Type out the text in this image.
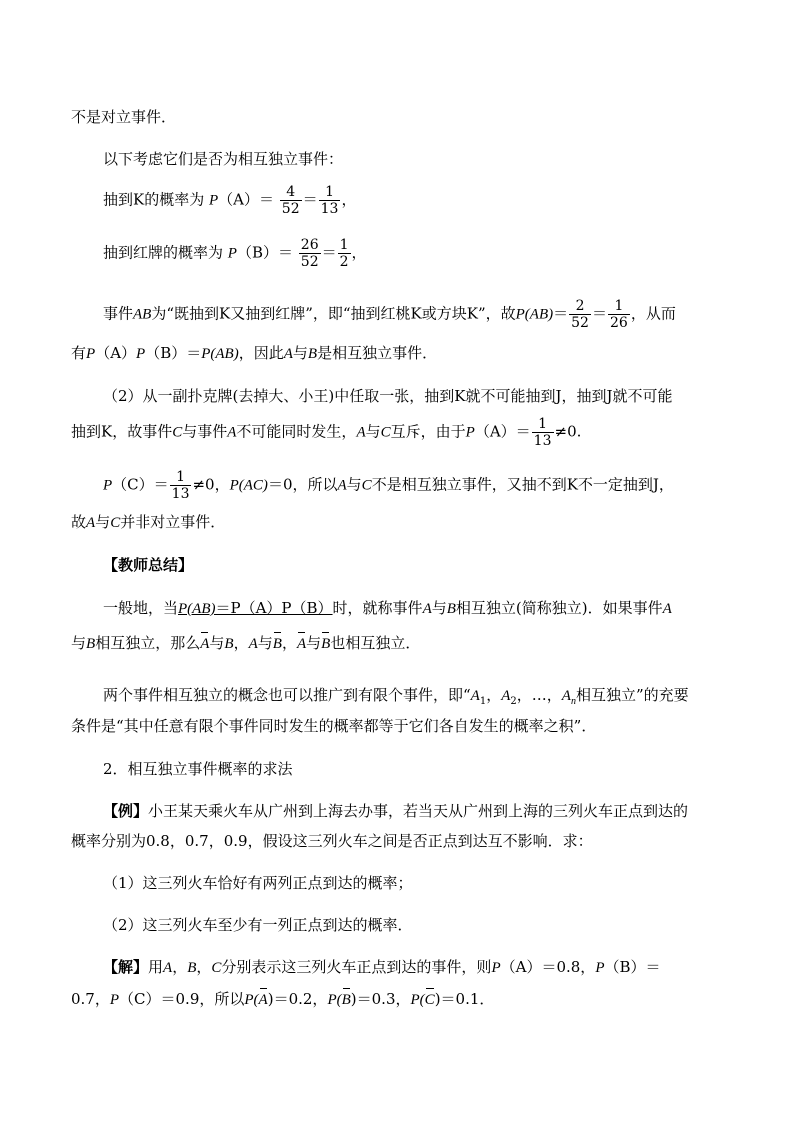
不是对立事件．
以下考虑它们是否为相互独立事件：
抽到K的概率为 $P(A)= \frac{4}{52} = \frac{1}{13}$ ，
抽到红牌的概率为 $P(B)= \frac{26}{52} = \frac{1}{2}$ ，
事件AB为“既抽到K又抽到红牌”，即“抽到红桃K或方块K”，故$P(AB)= \frac{2}{52} = \frac{1}{26}$ ，从而
有P（A）P（B）＝P(AB)，因此A与B是相互独立事件．
（2）从一副扑克牌(去掉大、小王)中任取一张，抽到K就不可能抽到J，抽到J就不可能
抽到K，故事件C与事件A不可能同时发生，A与C互斥，由于$P(A)= \frac{1}{13} \ne 0$.
$P(C)= \frac{1}{13} \ne 0$，P(AC)＝0，所以A与C不是相互独立事件，又抽不到K不一定抽到J，
故A与C并非对立事件．
【教师总结】
一般地，当P(AB)＝P（A）P（B）时，就称事件A与B相互独立(简称独立)．如果事件A
与B相互独立，那么A与B，A与B，A与B也相互独立．
两个事件相互独立的概念也可以推广到有限个事件，即“$A_1$，$A_2$，…，$A_n$相互独立”的充要
条件是“其中任意有限个事件同时发生的概率都等于它们各自发生的概率之积”．
2．相互独立事件概率的求法
【例】小王某天乘火车从广州到上海去办事，若当天从广州到上海的三列火车正点到达的
概率分别为0.8，0.7，0.9，假设这三列火车之间是否正点到达互不影响．求：
（1）这三列火车恰好有两列正点到达的概率；
（2）这三列火车至少有一列正点到达的概率．
【解】用A，B，C分别表示这三列火车正点到达的事件，则P（A）＝0.8，P（B）＝
0.7，P（C）＝0.9，所以P(A)＝0.2，P(B)＝0.3，P(C)＝0.1．
